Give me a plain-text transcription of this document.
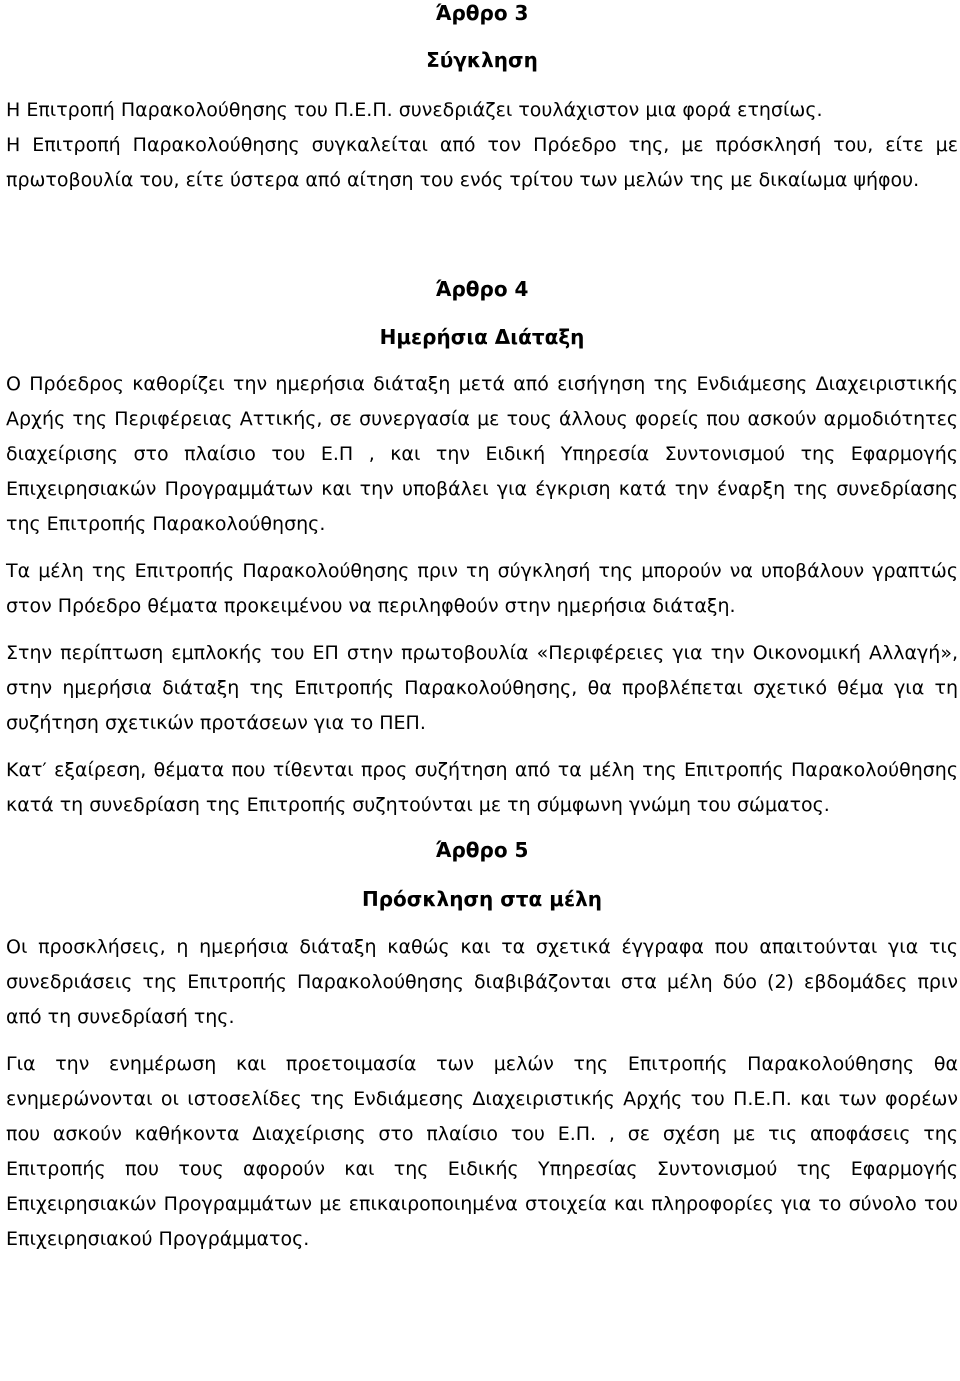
Άρθρο 3

Σύγκληση

Η Επιτροπή Παρακολούθησης του Π.Ε.Π. συνεδριάζει τουλάχιστον μια φορά ετησίως.

Η Επιτροπή Παρακολούθησης συγκαλείται από τον Πρόεδρο της, με πρόσκλησή του, είτε με πρωτοβουλία του, είτε ύστερα από αίτηση του ενός τρίτου των μελών της με δικαίωμα ψήφου.

Άρθρο 4

Ημερήσια Διάταξη

Ο Πρόεδρος καθορίζει την ημερήσια διάταξη μετά από εισήγηση της Ενδιάμεσης Διαχειριστικής Αρχής της Περιφέρειας Αττικής, σε συνεργασία με τους άλλους φορείς που ασκούν αρμοδιότητες διαχείρισης στο πλαίσιο του Ε.Π , και την Ειδική Υπηρεσία Συντονισμού της Εφαρμογής Επιχειρησιακών Προγραμμάτων και την υποβάλει για έγκριση κατά την έναρξη της συνεδρίασης της Επιτροπής Παρακολούθησης.

Τα μέλη της Επιτροπής Παρακολούθησης πριν τη σύγκλησή της μπορούν να υποβάλουν γραπτώς στον Πρόεδρο θέματα προκειμένου να περιληφθούν στην ημερήσια διάταξη.

Στην περίπτωση εμπλοκής του ΕΠ στην πρωτοβουλία «Περιφέρειες για την Οικονομική Αλλαγή», στην ημερήσια διάταξη της Επιτροπής Παρακολούθησης, θα προβλέπεται σχετικό θέμα για τη συζήτηση σχετικών προτάσεων για το ΠΕΠ.

Κατ′ εξαίρεση, θέματα που τίθενται προς συζήτηση από τα μέλη της Επιτροπής Παρακολούθησης κατά τη συνεδρίαση της Επιτροπής συζητούνται με τη σύμφωνη γνώμη του σώματος.

Άρθρο 5

Πρόσκληση στα μέλη

Οι προσκλήσεις, η ημερήσια διάταξη καθώς και τα σχετικά έγγραφα που απαιτούνται για τις συνεδριάσεις της Επιτροπής Παρακολούθησης διαβιβάζονται στα μέλη δύο (2) εβδομάδες πριν από τη συνεδρίασή της.

Για την ενημέρωση και προετοιμασία των μελών της Επιτροπής Παρακολούθησης θα ενημερώνονται οι ιστοσελίδες της Ενδιάμεσης Διαχειριστικής Αρχής του Π.Ε.Π. και των φορέων που ασκούν καθήκοντα Διαχείρισης στο πλαίσιο του Ε.Π. , σε σχέση με τις αποφάσεις της Επιτροπής που τους αφορούν και της Ειδικής Υπηρεσίας Συντονισμού της Εφαρμογής Επιχειρησιακών Προγραμμάτων με επικαιροποιημένα στοιχεία και πληροφορίες για το σύνολο του Επιχειρησιακού Προγράμματος.
